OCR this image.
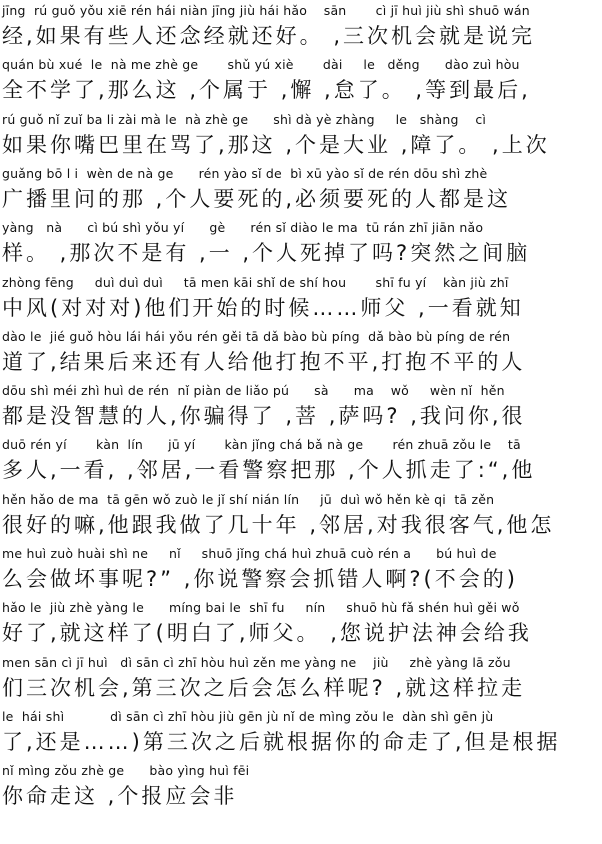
jīng  rú guǒ yǒu xiē rén hái niàn jīng jiù hái hǎo    sān       cì jī huì jiù shì shuō wán
经,如果有些人还念经就还好。 ,三次机会就是说完
quán bù xué  le  nà me zhè ge       shǔ yú xiè       dài     le   děng      dào zuì hòu
全不学了,那么这 ,个属于 ,懈 ,怠了。 ,等到最后,
rú guǒ nǐ zuǐ ba li zài mà le  nà zhè ge      shì dà yè zhàng     le   shàng    cì
如果你嘴巴里在骂了,那这 ,个是大业 ,障了。 ,上次
guǎng bō l i  wèn de nà ge      rén yào sǐ de  bì xū yào sǐ de rén dōu shì zhè
广播里问的那 ,个人要死的,必须要死的人都是这
yàng   nà      cì bú shì yǒu yí      gè      rén sǐ diào le ma  tū rán zhī jiān nǎo
样。 ,那次不是有 ,一 ,个人死掉了吗?突然之间脑
zhòng fēng     duì duì duì     tā men kāi shǐ de shí hou       shī fu yí    kàn jiù zhī
中风(对对对)他们开始的时候……师父 ,一看就知
dào le  jié guǒ hòu lái hái yǒu rén gěi tā dǎ bào bù píng  dǎ bào bù píng de rén
道了,结果后来还有人给他打抱不平,打抱不平的人
dōu shì méi zhì huì de rén  nǐ piàn de liǎo pú      sà      ma    wǒ     wèn nǐ  hěn
都是没智慧的人,你骗得了 ,菩 ,萨吗? ,我问你,很
duō rén yí       kàn  lín      jū yí       kàn jǐng chá bǎ nà ge       rén zhuā zǒu le    tā
多人,一看, ,邻居,一看警察把那 ,个人抓走了:“,他
hěn hǎo de ma  tā gēn wǒ zuò le jǐ shí nián lín     jū  duì wǒ hěn kè qi  tā zěn
很好的嘛,他跟我做了几十年 ,邻居,对我很客气,他怎
me huì zuò huài shì ne     nǐ     shuō jǐng chá huì zhuā cuò rén a      bú huì de
么会做坏事呢?” ,你说警察会抓错人啊?(不会的)
hǎo le  jiù zhè yàng le      míng bai le  shī fu     nín     shuō hù fǎ shén huì gěi wǒ
好了,就这样了(明白了,师父。 ,您说护法神会给我
men sān cì jī huì   dì sān cì zhī hòu huì zěn me yàng ne    jiù     zhè yàng lā zǒu
们三次机会,第三次之后会怎么样呢? ,就这样拉走
le  hái shì           dì sān cì zhī hòu jiù gēn jù nǐ de mìng zǒu le  dàn shì gēn jù
了,还是……)第三次之后就根据你的命走了,但是根据
nǐ mìng zǒu zhè ge      bào yìng huì fēi
你命走这 ,个报应会非
